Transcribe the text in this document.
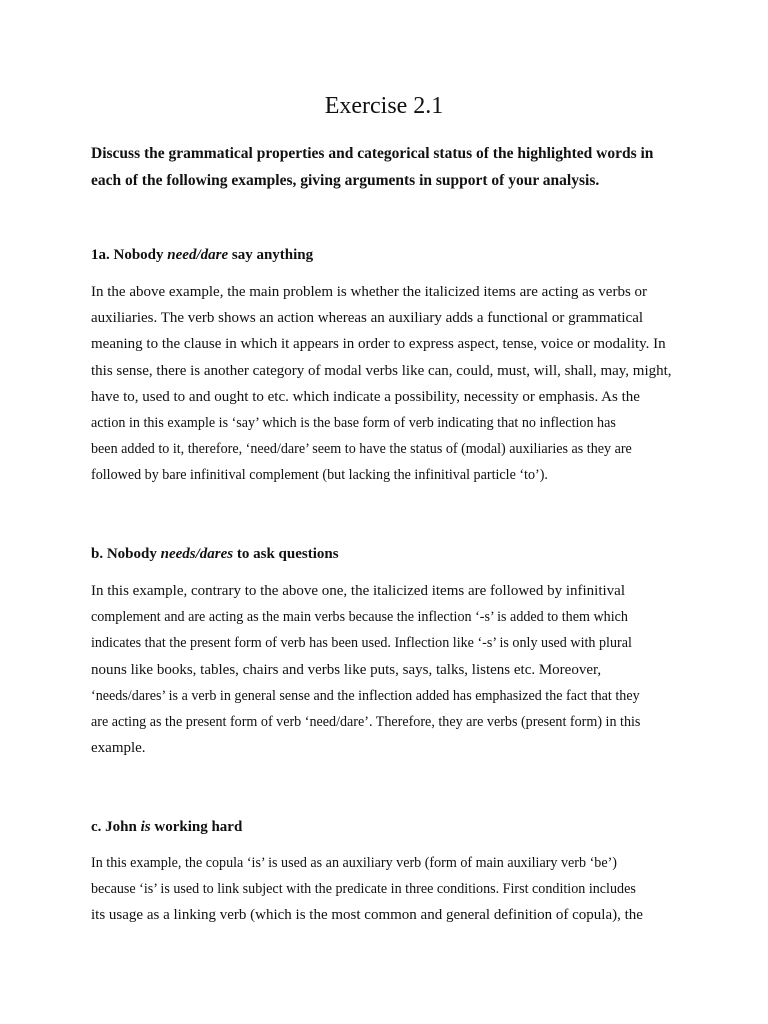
Exercise 2.1
Discuss the grammatical properties and categorical status of the highlighted words in
each of the following examples, giving arguments in support of your analysis.
1a. Nobody need/dare say anything
In the above example, the main problem is whether the italicized items are acting as verbs or
auxiliaries. The verb shows an action whereas an auxiliary adds a functional or grammatical
meaning to the clause in which it appears in order to express aspect, tense, voice or modality. In
this sense, there is another category of modal verbs like can, could, must, will, shall, may, might,
have to, used to and ought to etc. which indicate a possibility, necessity or emphasis. As the
action in this example is ‘say’ which is the base form of verb indicating that no inflection has
been added to it, therefore, ‘need/dare’ seem to have the status of (modal) auxiliaries as they are
followed by bare infinitival complement (but lacking the infinitival particle ‘to’).
b. Nobody needs/dares to ask questions
In this example, contrary to the above one, the italicized items are followed by infinitival
complement and are acting as the main verbs because the inflection ‘-s’ is added to them which
indicates that the present form of verb has been used. Inflection like ‘-s’ is only used with plural
nouns like books, tables, chairs and verbs like puts, says, talks, listens etc. Moreover,
‘needs/dares’ is a verb in general sense and the inflection added has emphasized the fact that they
are acting as the present form of verb ‘need/dare’. Therefore, they are verbs (present form) in this
example.
c. John is working hard
In this example, the copula ‘is’ is used as an auxiliary verb (form of main auxiliary verb ‘be’)
because ‘is’ is used to link subject with the predicate in three conditions. First condition includes
its usage as a linking verb (which is the most common and general definition of copula), the
